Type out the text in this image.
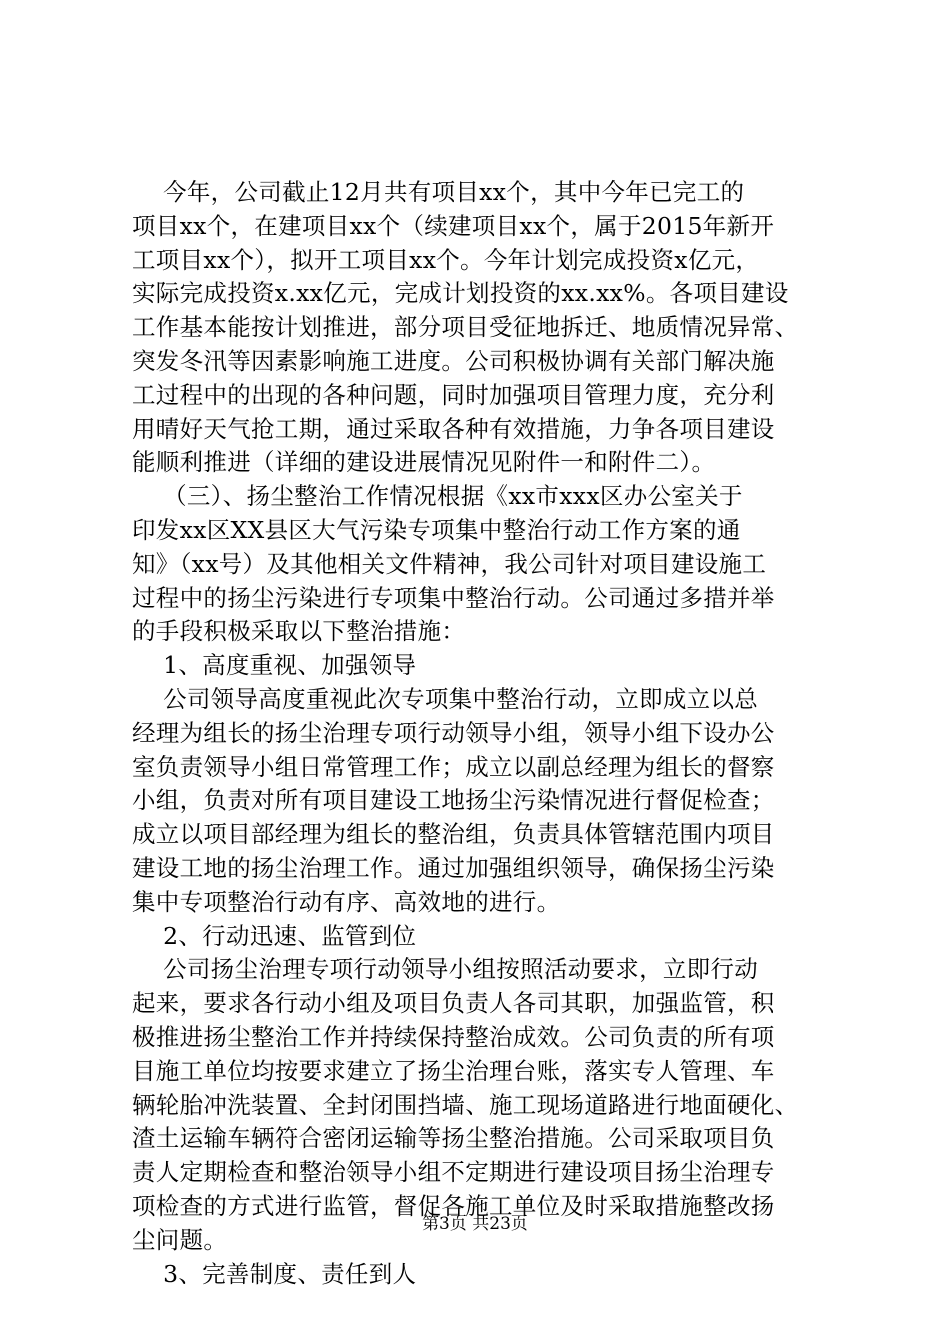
今年，公司截止12月共有项目xx个，其中今年已完工的
项目xx个，在建项目xx个（续建项目xx个，属于2015年新开
工项目xx个），拟开工项目xx个。今年计划完成投资x亿元，
实际完成投资x.xx亿元，完成计划投资的xx.xx%。各项目建设
工作基本能按计划推进，部分项目受征地拆迁、地质情况异常、
突发冬汛等因素影响施工进度。公司积极协调有关部门解决施
工过程中的出现的各种问题，同时加强项目管理力度，充分利
用晴好天气抢工期，通过采取各种有效措施，力争各项目建设
能顺利推进（详细的建设进展情况见附件一和附件二）。
（三）、扬尘整治工作情况根据《xx市xxx区办公室关于
印发xx区XX县区大气污染专项集中整治行动工作方案的通
知》（xx号）及其他相关文件精神，我公司针对项目建设施工
过程中的扬尘污染进行专项集中整治行动。公司通过多措并举
的手段积极采取以下整治措施：
1、高度重视、加强领导
公司领导高度重视此次专项集中整治行动，立即成立以总
经理为组长的扬尘治理专项行动领导小组，领导小组下设办公
室负责领导小组日常管理工作；成立以副总经理为组长的督察
小组，负责对所有项目建设工地扬尘污染情况进行督促检查；
成立以项目部经理为组长的整治组，负责具体管辖范围内项目
建设工地的扬尘治理工作。通过加强组织领导，确保扬尘污染
集中专项整治行动有序、高效地的进行。
2、行动迅速、监管到位
公司扬尘治理专项行动领导小组按照活动要求，立即行动
起来，要求各行动小组及项目负责人各司其职，加强监管，积
极推进扬尘整治工作并持续保持整治成效。公司负责的所有项
目施工单位均按要求建立了扬尘治理台账，落实专人管理、车
辆轮胎冲洗装置、全封闭围挡墙、施工现场道路进行地面硬化、
渣土运输车辆符合密闭运输等扬尘整治措施。公司采取项目负
责人定期检查和整治领导小组不定期进行建设项目扬尘治理专
项检查的方式进行监管，督促各施工单位及时采取措施整改扬
尘问题。
3、完善制度、责任到人
第3页 共23页
